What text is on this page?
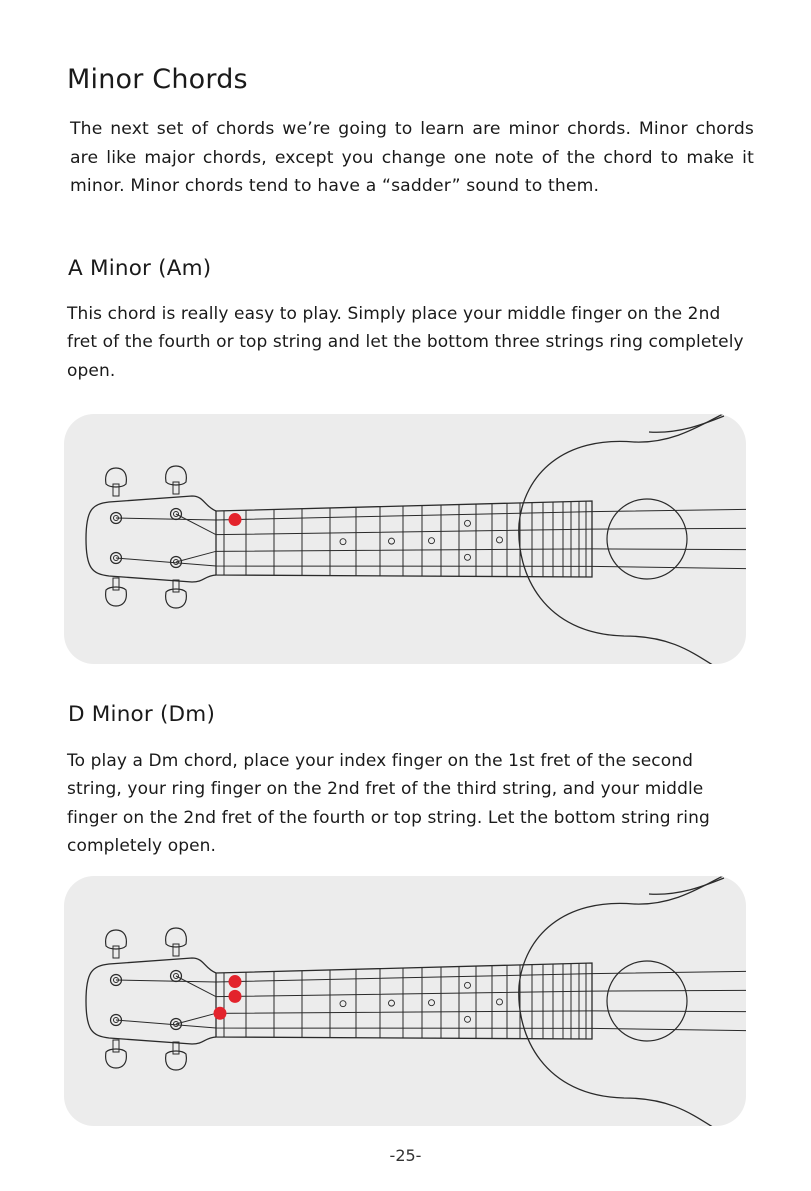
Minor Chords

The next set of chords we’re going to learn are minor chords. Minor chords are like major chords, except you change one note of the chord to make it minor. Minor chords tend to have a “sadder” sound to them.

A Minor (Am)

This chord is really easy to play. Simply place your middle finger on the 2nd fret of the fourth or top string and let the bottom three strings ring completely open.

D Minor (Dm)

To play a Dm chord, place your index finger on the 1st fret of the second string, your ring finger on the 2nd fret of the third string, and your middle finger on the 2nd fret of the fourth or top string. Let the bottom string ring completely open.

-25-
